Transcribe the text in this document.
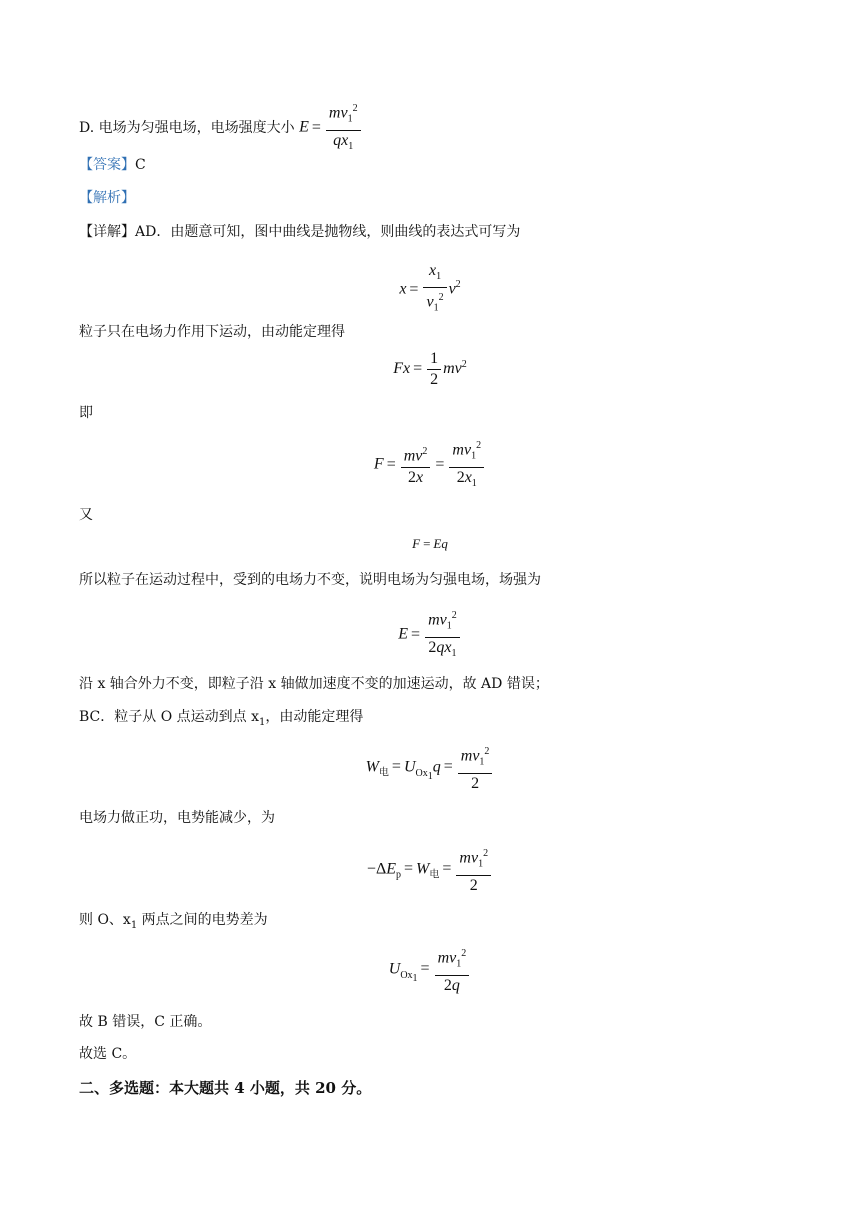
D. 电场为匀强电场，电场强度大小 $E = \frac{mv_1^2}{qx_1}$
【答案】C
【解析】
【详解】AD．由题意可知，图中曲线是抛物线，则曲线的表达式可写为
$x = \frac{x_1}{v_1^2} v^2$
粒子只在电场力作用下运动，由动能定理得
$Fx = \frac{1}{2} mv^2$
即
$F = \frac{mv^2}{2x} = \frac{mv_1^2}{2x_1}$
又
F = Eq
所以粒子在运动过程中，受到的电场力不变，说明电场为匀强电场，场强为
$E = \frac{mv_1^2}{2qx_1}$
沿 x 轴合外力不变，即粒子沿 x 轴做加速度不变的加速运动，故 AD 错误；
BC．粒子从 O 点运动到点 $x_1$，由动能定理得
$W_电 = U_{Ox_1}q = \frac{mv_1^2}{2}$
电场力做正功，电势能减少，为
$-\Delta E_p = W_电 = \frac{mv_1^2}{2}$
则 O、$x_1$ 两点之间的电势差为
$U_{Ox_1}= \frac{mv_1^2}{2q}$
故 B 错误，C 正确。
故选 C。
二、多选题：本大题共 4 小题，共 20 分。
